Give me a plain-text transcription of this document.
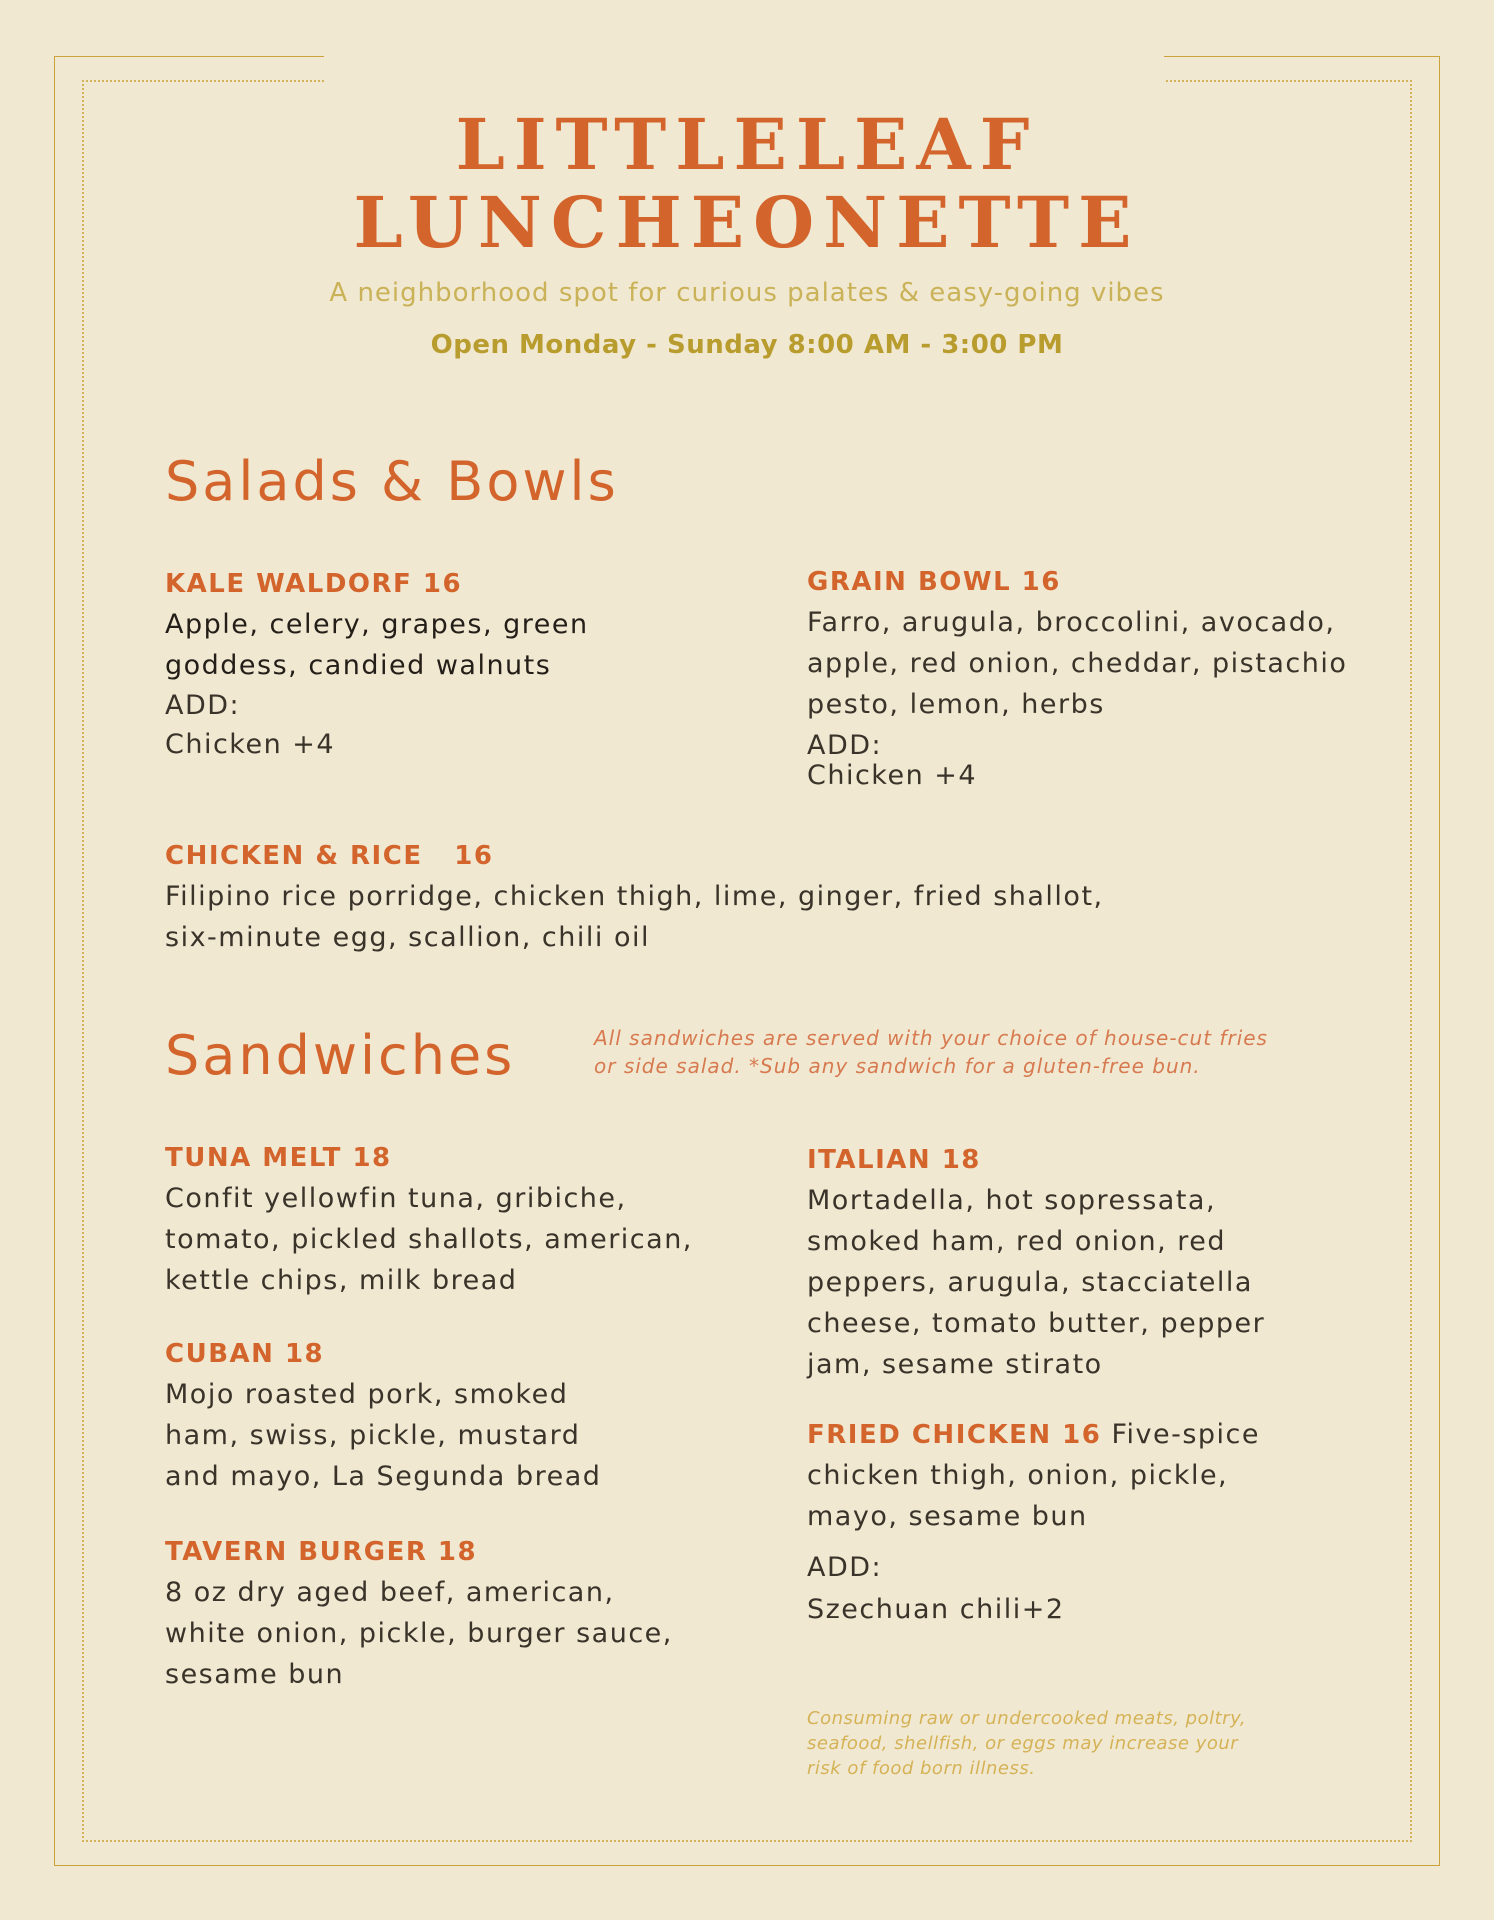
LITTLELEAF
LUNCHEONETTE
A neighborhood spot for curious palates & easy-going vibes
Open Monday - Sunday 8:00 AM - 3:00 PM
Salads & Bowls
KALE WALDORF 16
Apple, celery, grapes, green
goddess, candied walnuts
ADD:
Chicken +4
GRAIN BOWL 16
Farro, arugula, broccolini, avocado,
apple, red onion, cheddar, pistachio
pesto, lemon, herbs
ADD:
Chicken +4
CHICKEN & RICE   16
Filipino rice porridge, chicken thigh, lime, ginger, fried shallot,
six-minute egg, scallion, chili oil
Sandwiches	All sandwiches are served with your choice of house-cut fries
or side salad. *Sub any sandwich for a gluten-free bun.
TUNA MELT 18
Confit yellowfin tuna, gribiche,
tomato, pickled shallots, american,
kettle chips, milk bread
CUBAN 18
Mojo roasted pork, smoked
ham, swiss, pickle, mustard
and mayo, La Segunda bread
TAVERN BURGER 18
8 oz dry aged beef, american,
white onion, pickle, burger sauce,
sesame bun
ITALIAN 18
Mortadella, hot sopressata,
smoked ham, red onion, red
peppers, arugula, stacciatella
cheese, tomato butter, pepper
jam, sesame stirato
FRIED CHICKEN 16 Five-spice
chicken thigh, onion, pickle,
mayo, sesame bun
ADD:
Szechuan chili+2
Consuming raw or undercooked meats, poltry,
seafood, shellfish, or eggs may increase your
risk of food born illness.
